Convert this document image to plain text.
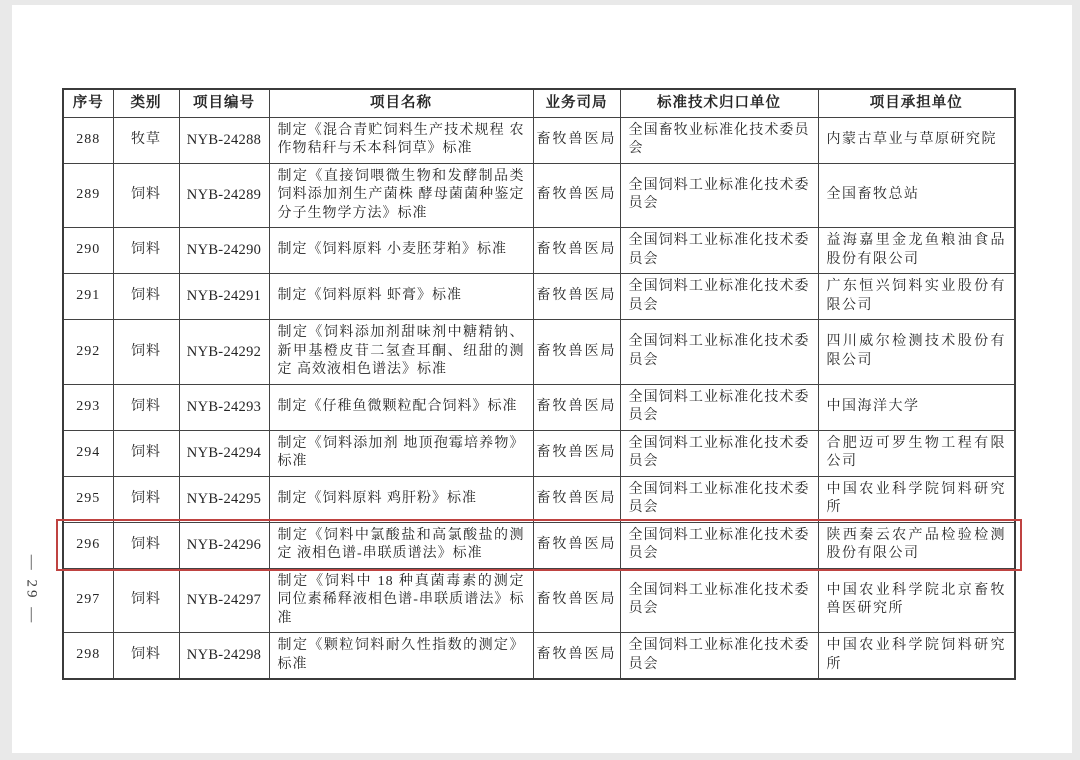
— 29 —
序号	类别	项目编号	项目名称	业务司局	标准技术归口单位	项目承担单位
288	牧草	NYB-24288	制定《混合青贮饲料生产技术规程 农作物秸秆与禾本科饲草》标准	畜牧兽医局	全国畜牧业标准化技术委员会	内蒙古草业与草原研究院
289	饲料	NYB-24289	制定《直接饲喂微生物和发酵制品类饲料添加剂生产菌株 酵母菌菌种鉴定 分子生物学方法》标准	畜牧兽医局	全国饲料工业标准化技术委员会	全国畜牧总站
290	饲料	NYB-24290	制定《饲料原料 小麦胚芽粕》标准	畜牧兽医局	全国饲料工业标准化技术委员会	益海嘉里金龙鱼粮油食品股份有限公司
291	饲料	NYB-24291	制定《饲料原料 虾膏》标准	畜牧兽医局	全国饲料工业标准化技术委员会	广东恒兴饲料实业股份有限公司
292	饲料	NYB-24292	制定《饲料添加剂甜味剂中糖精钠、新甲基橙皮苷二氢查耳酮、纽甜的测定 高效液相色谱法》标准	畜牧兽医局	全国饲料工业标准化技术委员会	四川威尔检测技术股份有限公司
293	饲料	NYB-24293	制定《仔稚鱼微颗粒配合饲料》标准	畜牧兽医局	全国饲料工业标准化技术委员会	中国海洋大学
294	饲料	NYB-24294	制定《饲料添加剂 地顶孢霉培养物》标准	畜牧兽医局	全国饲料工业标准化技术委员会	合肥迈可罗生物工程有限公司
295	饲料	NYB-24295	制定《饲料原料 鸡肝粉》标准	畜牧兽医局	全国饲料工业标准化技术委员会	中国农业科学院饲料研究所
296	饲料	NYB-24296	制定《饲料中氯酸盐和高氯酸盐的测定 液相色谱-串联质谱法》标准	畜牧兽医局	全国饲料工业标准化技术委员会	陕西秦云农产品检验检测股份有限公司
297	饲料	NYB-24297	制定《饲料中 18 种真菌毒素的测定 同位素稀释液相色谱-串联质谱法》标准	畜牧兽医局	全国饲料工业标准化技术委员会	中国农业科学院北京畜牧兽医研究所
298	饲料	NYB-24298	制定《颗粒饲料耐久性指数的测定》标准	畜牧兽医局	全国饲料工业标准化技术委员会	中国农业科学院饲料研究所
